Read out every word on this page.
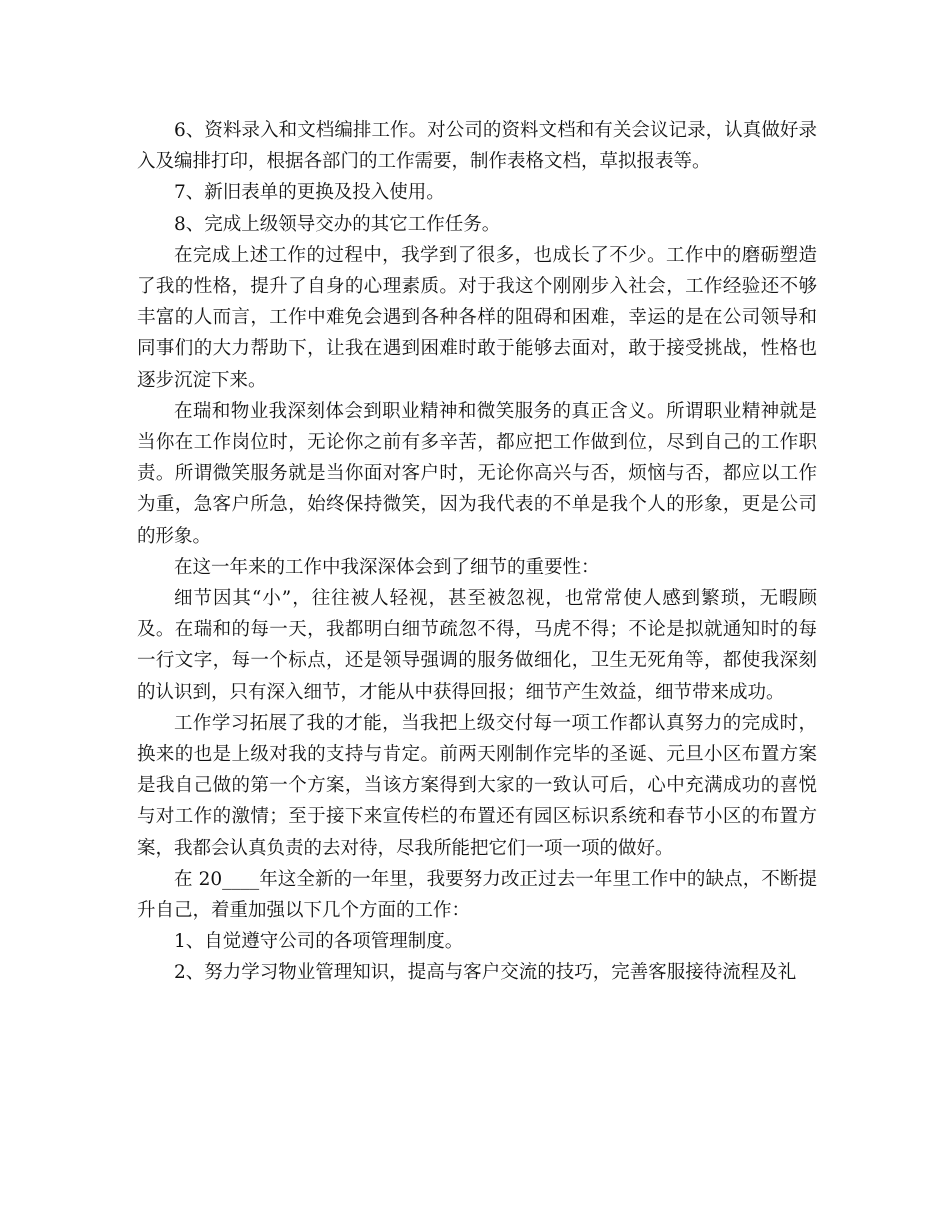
6、资料录入和文档编排工作。对公司的资料文档和有关会议记录，认真做好录入及编排打印，根据各部门的工作需要，制作表格文档，草拟报表等。

7、新旧表单的更换及投入使用。

8、完成上级领导交办的其它工作任务。

在完成上述工作的过程中，我学到了很多，也成长了不少。工作中的磨砺塑造了我的性格，提升了自身的心理素质。对于我这个刚刚步入社会，工作经验还不够丰富的人而言，工作中难免会遇到各种各样的阻碍和困难，幸运的是在公司领导和同事们的大力帮助下，让我在遇到困难时敢于能够去面对，敢于接受挑战，性格也逐步沉淀下来。

在瑞和物业我深刻体会到职业精神和微笑服务的真正含义。所谓职业精神就是当你在工作岗位时，无论你之前有多辛苦，都应把工作做到位，尽到自己的工作职责。所谓微笑服务就是当你面对客户时，无论你高兴与否，烦恼与否，都应以工作为重，急客户所急，始终保持微笑，因为我代表的不单是我个人的形象，更是公司的形象。

在这一年来的工作中我深深体会到了细节的重要性：

细节因其“小”，往往被人轻视，甚至被忽视，也常常使人感到繁琐，无暇顾及。在瑞和的每一天，我都明白细节疏忽不得，马虎不得；不论是拟就通知时的每一行文字，每一个标点，还是领导强调的服务做细化，卫生无死角等，都使我深刻的认识到，只有深入细节，才能从中获得回报；细节产生效益，细节带来成功。

工作学习拓展了我的才能，当我把上级交付每一项工作都认真努力的完成时，换来的也是上级对我的支持与肯定。前两天刚制作完毕的圣诞、元旦小区布置方案是我自己做的第一个方案，当该方案得到大家的一致认可后，心中充满成功的喜悦与对工作的激情；至于接下来宣传栏的布置还有园区标识系统和春节小区的布置方案，我都会认真负责的去对待，尽我所能把它们一项一项的做好。

在 20____年这全新的一年里，我要努力改正过去一年里工作中的缺点，不断提升自己，着重加强以下几个方面的工作：

1、自觉遵守公司的各项管理制度。

2、努力学习物业管理知识，提高与客户交流的技巧，完善客服接待流程及礼
